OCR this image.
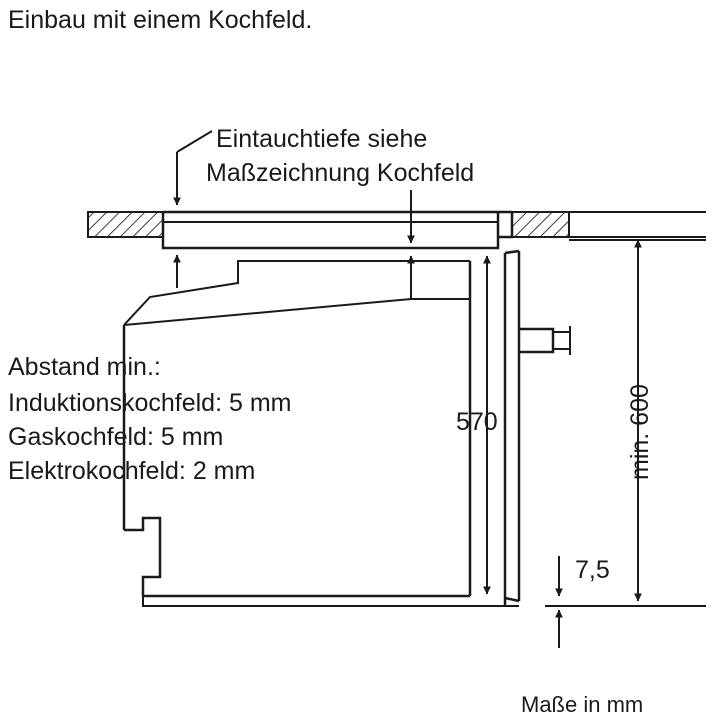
Einbau mit einem Kochfeld.
Eintauchtiefe siehe
Maßzeichnung Kochfeld
Abstand min.:
Induktionskochfeld: 5 mm
Gaskochfeld: 5 mm
Elektrokochfeld: 2 mm
570	min. 600
7,5
Maße in mm
